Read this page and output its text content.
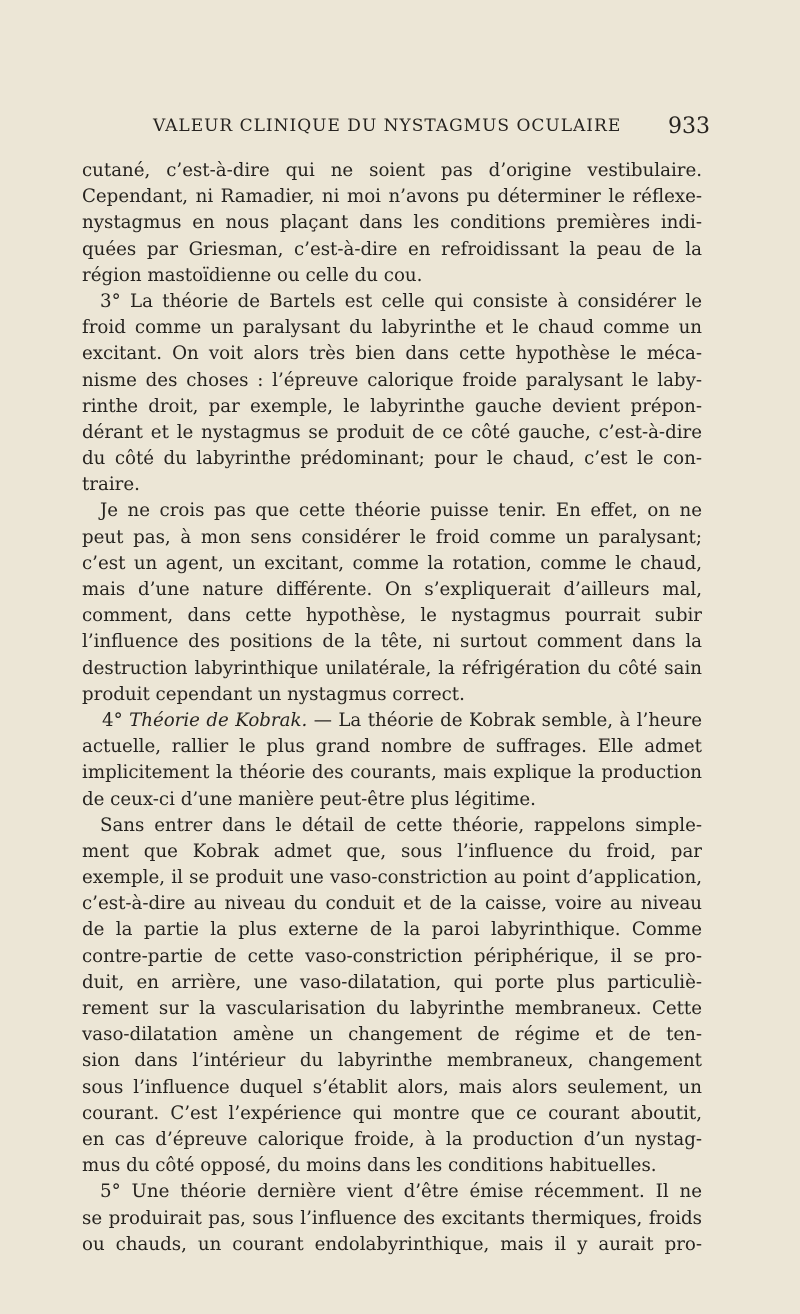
VALEUR CLINIQUE DU NYSTAGMUS OCULAIRE 933
cutané, c’est-à-dire qui ne soient pas d’origine vestibulaire.
Cependant, ni Ramadier, ni moi n’avons pu déterminer le réflexe-
nystagmus en nous plaçant dans les conditions premières indi-
quées par Griesman, c’est-à-dire en refroidissant la peau de la
région mastoïdienne ou celle du cou.
3° La théorie de Bartels est celle qui consiste à considérer le
froid comme un paralysant du labyrinthe et le chaud comme un
excitant. On voit alors très bien dans cette hypothèse le méca-
nisme des choses : l’épreuve calorique froide paralysant le laby-
rinthe droit, par exemple, le labyrinthe gauche devient prépon-
dérant et le nystagmus se produit de ce côté gauche, c’est-à-dire
du côté du labyrinthe prédominant; pour le chaud, c’est le con-
traire.
Je ne crois pas que cette théorie puisse tenir. En effet, on ne
peut pas, à mon sens considérer le froid comme un paralysant;
c’est un agent, un excitant, comme la rotation, comme le chaud,
mais d’une nature différente. On s’expliquerait d’ailleurs mal,
comment, dans cette hypothèse, le nystagmus pourrait subir
l’influence des positions de la tête, ni surtout comment dans la
destruction labyrinthique unilatérale, la réfrigération du côté sain
produit cependant un nystagmus correct.
4° Théorie de Kobrak. — La théorie de Kobrak semble, à l’heure
actuelle, rallier le plus grand nombre de suffrages. Elle admet
implicitement la théorie des courants, mais explique la production
de ceux-ci d’une manière peut-être plus légitime.
Sans entrer dans le détail de cette théorie, rappelons simple-
ment que Kobrak admet que, sous l’influence du froid, par
exemple, il se produit une vaso-constriction au point d’application,
c’est-à-dire au niveau du conduit et de la caisse, voire au niveau
de la partie la plus externe de la paroi labyrinthique. Comme
contre-partie de cette vaso-constriction périphérique, il se pro-
duit, en arrière, une vaso-dilatation, qui porte plus particuliè-
rement sur la vascularisation du labyrinthe membraneux. Cette
vaso-dilatation amène un changement de régime et de ten-
sion dans l’intérieur du labyrinthe membraneux, changement
sous l’influence duquel s’établit alors, mais alors seulement, un
courant. C’est l’expérience qui montre que ce courant aboutit,
en cas d’épreuve calorique froide, à la production d’un nystag-
mus du côté opposé, du moins dans les conditions habituelles.
5° Une théorie dernière vient d’être émise récemment. Il ne
se produirait pas, sous l’influence des excitants thermiques, froids
ou chauds, un courant endolabyrinthique, mais il y aurait pro-
